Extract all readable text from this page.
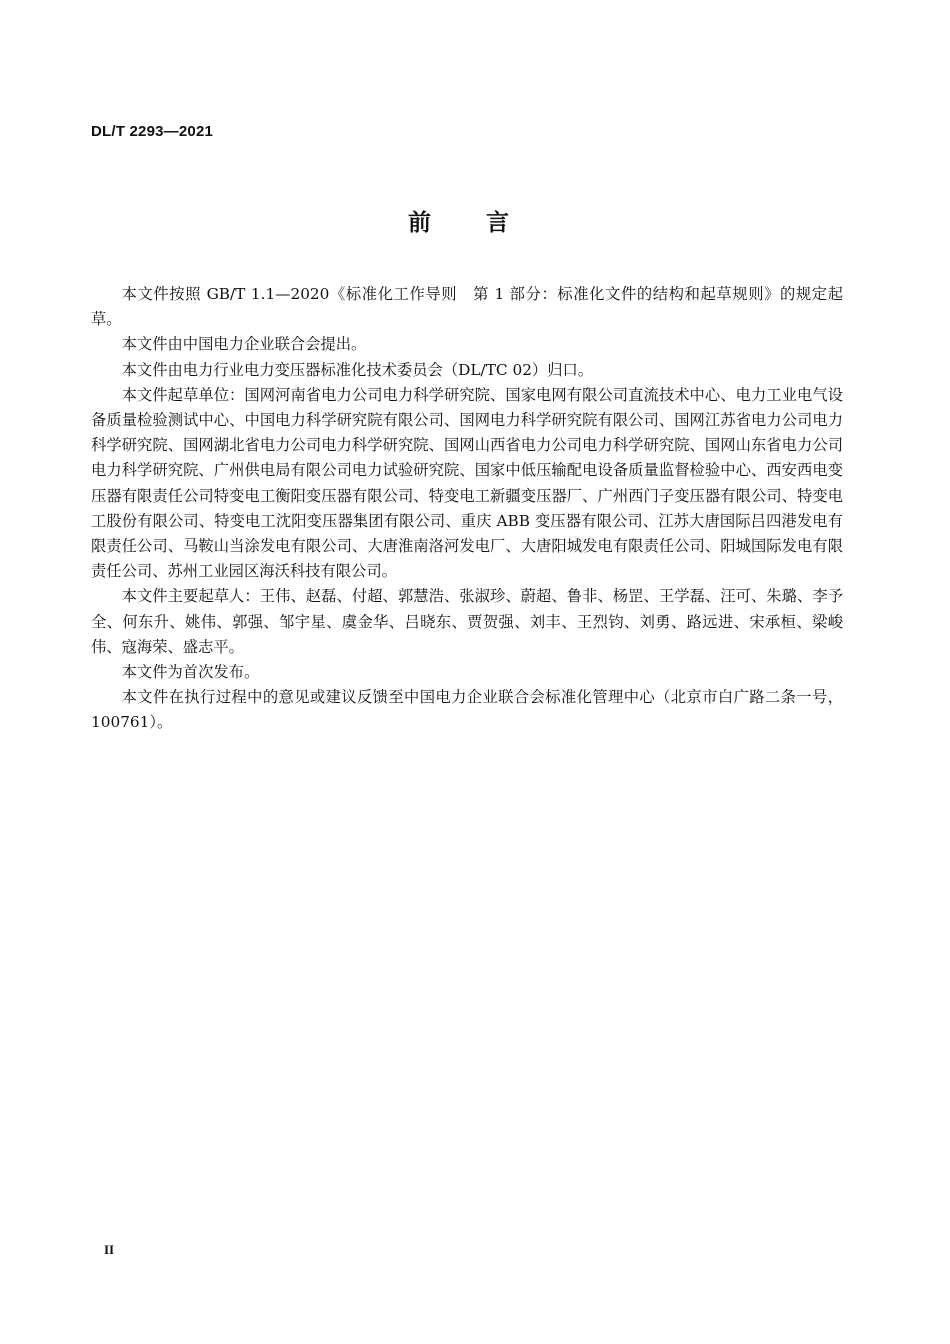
DL/T 2293—2021
前言

本文件按照 GB/T 1.1—2020《标准化工作导则　第 1 部分：标准化文件的结构和起草规则》的规定起草。

本文件由中国电力企业联合会提出。

本文件由电力行业电力变压器标准化技术委员会（DL/TC 02）归口。

本文件起草单位：国网河南省电力公司电力科学研究院、国家电网有限公司直流技术中心、电力工业电气设备质量检验测试中心、中国电力科学研究院有限公司、国网电力科学研究院有限公司、国网江苏省电力公司电力科学研究院、国网湖北省电力公司电力科学研究院、国网山西省电力公司电力科学研究院、国网山东省电力公司电力科学研究院、广州供电局有限公司电力试验研究院、国家中低压输配电设备质量监督检验中心、西安西电变压器有限责任公司特变电工衡阳变压器有限公司、特变电工新疆变压器厂、广州西门子变压器有限公司、特变电工股份有限公司、特变电工沈阳变压器集团有限公司、重庆 ABB 变压器有限公司、江苏大唐国际吕四港发电有限责任公司、马鞍山当涂发电有限公司、大唐淮南洛河发电厂、大唐阳城发电有限责任公司、阳城国际发电有限责任公司、苏州工业园区海沃科技有限公司。

本文件主要起草人：王伟、赵磊、付超、郭慧浩、张淑珍、蔚超、鲁非、杨罡、王学磊、汪可、朱璐、李予全、何东升、姚伟、郭强、邹宇星、虞金华、吕晓东、贾贺强、刘丰、王烈钧、刘勇、路远进、宋承桓、梁峻伟、寇海荣、盛志平。

本文件为首次发布。

本文件在执行过程中的意见或建议反馈至中国电力企业联合会标准化管理中心（北京市白广路二条一号，100761）。

II
